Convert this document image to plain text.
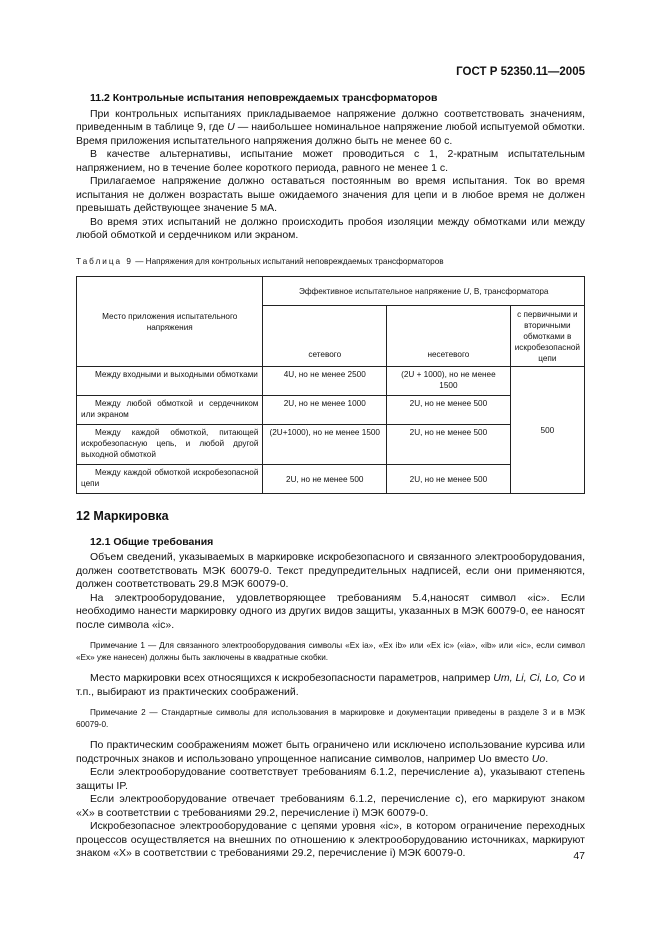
ГОСТ Р 52350.11—2005
11.2 Контрольные испытания неповреждаемых трансформаторов

При контрольных испытаниях прикладываемое напряжение должно соответствовать значениям, приведенным в таблице 9, где U — наибольшее номинальное напряжение любой испытуемой обмотки. Время приложения испытательного напряжения должно быть не менее 60 с.

В качестве альтернативы, испытание может проводиться с 1, 2-кратным испытательным напряжением, но в течение более короткого периода, равного не менее 1 с.

Прилагаемое напряжение должно оставаться постоянным во время испытания. Ток во время испытания не должен возрастать выше ожидаемого значения для цепи и в любое время не должен превышать действующее значение 5 мА.

Во время этих испытаний не должно происходить пробоя изоляции между обмотками или между любой обмоткой и сердечником или экраном.

Таблица 9 — Напряжения для контрольных испытаний неповреждаемых трансформаторов
Место приложения испытательного напряжения	Эффективное испытательное напряжение U, В, трансформатора		
	сетевого	несетевого	с первичными и вторичными обмотками в искробезопасной цепи
Между входными и выходными обмотками	4U, но не менее 2500	(2U + 1000), но не менее 1500	500
Между любой обмоткой и сердечником или экраном	2U, но не менее 1000	2U, но не менее 500	
Между каждой обмоткой, питающей искробезопасную цепь, и любой другой выходной обмоткой	(2U+1000), но не менее 1500	2U, но не менее 500	
Между каждой обмоткой искробезопасной цепи	2U, но не менее 500	2U, но не менее 500	
12 Маркировка
12.1 Общие требования

Объем сведений, указываемых в маркировке искробезопасного и связанного электрооборудования, должен соответствовать МЭК 60079-0. Текст предупредительных надписей, если они применяются, должен соответствовать 29.8 МЭК 60079-0.

На электрооборудование, удовлетворяющее требованиям 5.4,наносят символ «ic». Если необходимо нанести маркировку одного из других видов защиты, указанных в МЭК 60079-0, ее наносят после символа «ic».

Примечание 1 — Для связанного электрооборудования символы «Ex ia», «Ex ib» или «Ex ic» («ia», «ib» или «ic», если символ «Ex» уже нанесен) должны быть заключены в квадратные скобки.

Место маркировки всех относящихся к искробезопасности параметров, например Um, Li, Ci, Lo, Co и т.п., выбирают из практических соображений.

Примечание 2 — Стандартные символы для использования в маркировке и документации приведены в разделе 3 и в МЭК 60079-0.

По практическим соображениям может быть ограничено или исключено использование курсива или подстрочных знаков и использовано упрощенное написание символов, например Uo вместо Uo.

Если электрооборудование соответствует требованиям 6.1.2, перечисление а), указывают степень защиты IP.

Если электрооборудование отвечает требованиям 6.1.2, перечисление с), его маркируют знаком «Х» в соответствии с требованиями 29.2, перечисление i) МЭК 60079-0.

Искробезопасное электрооборудование с цепями уровня «ic», в котором ограничение переходных процессов осуществляется на внешних по отношению к электрооборудованию источниках, маркируют знаком «Х» в соответствии с требованиями 29.2, перечисление i) МЭК 60079-0.	47
